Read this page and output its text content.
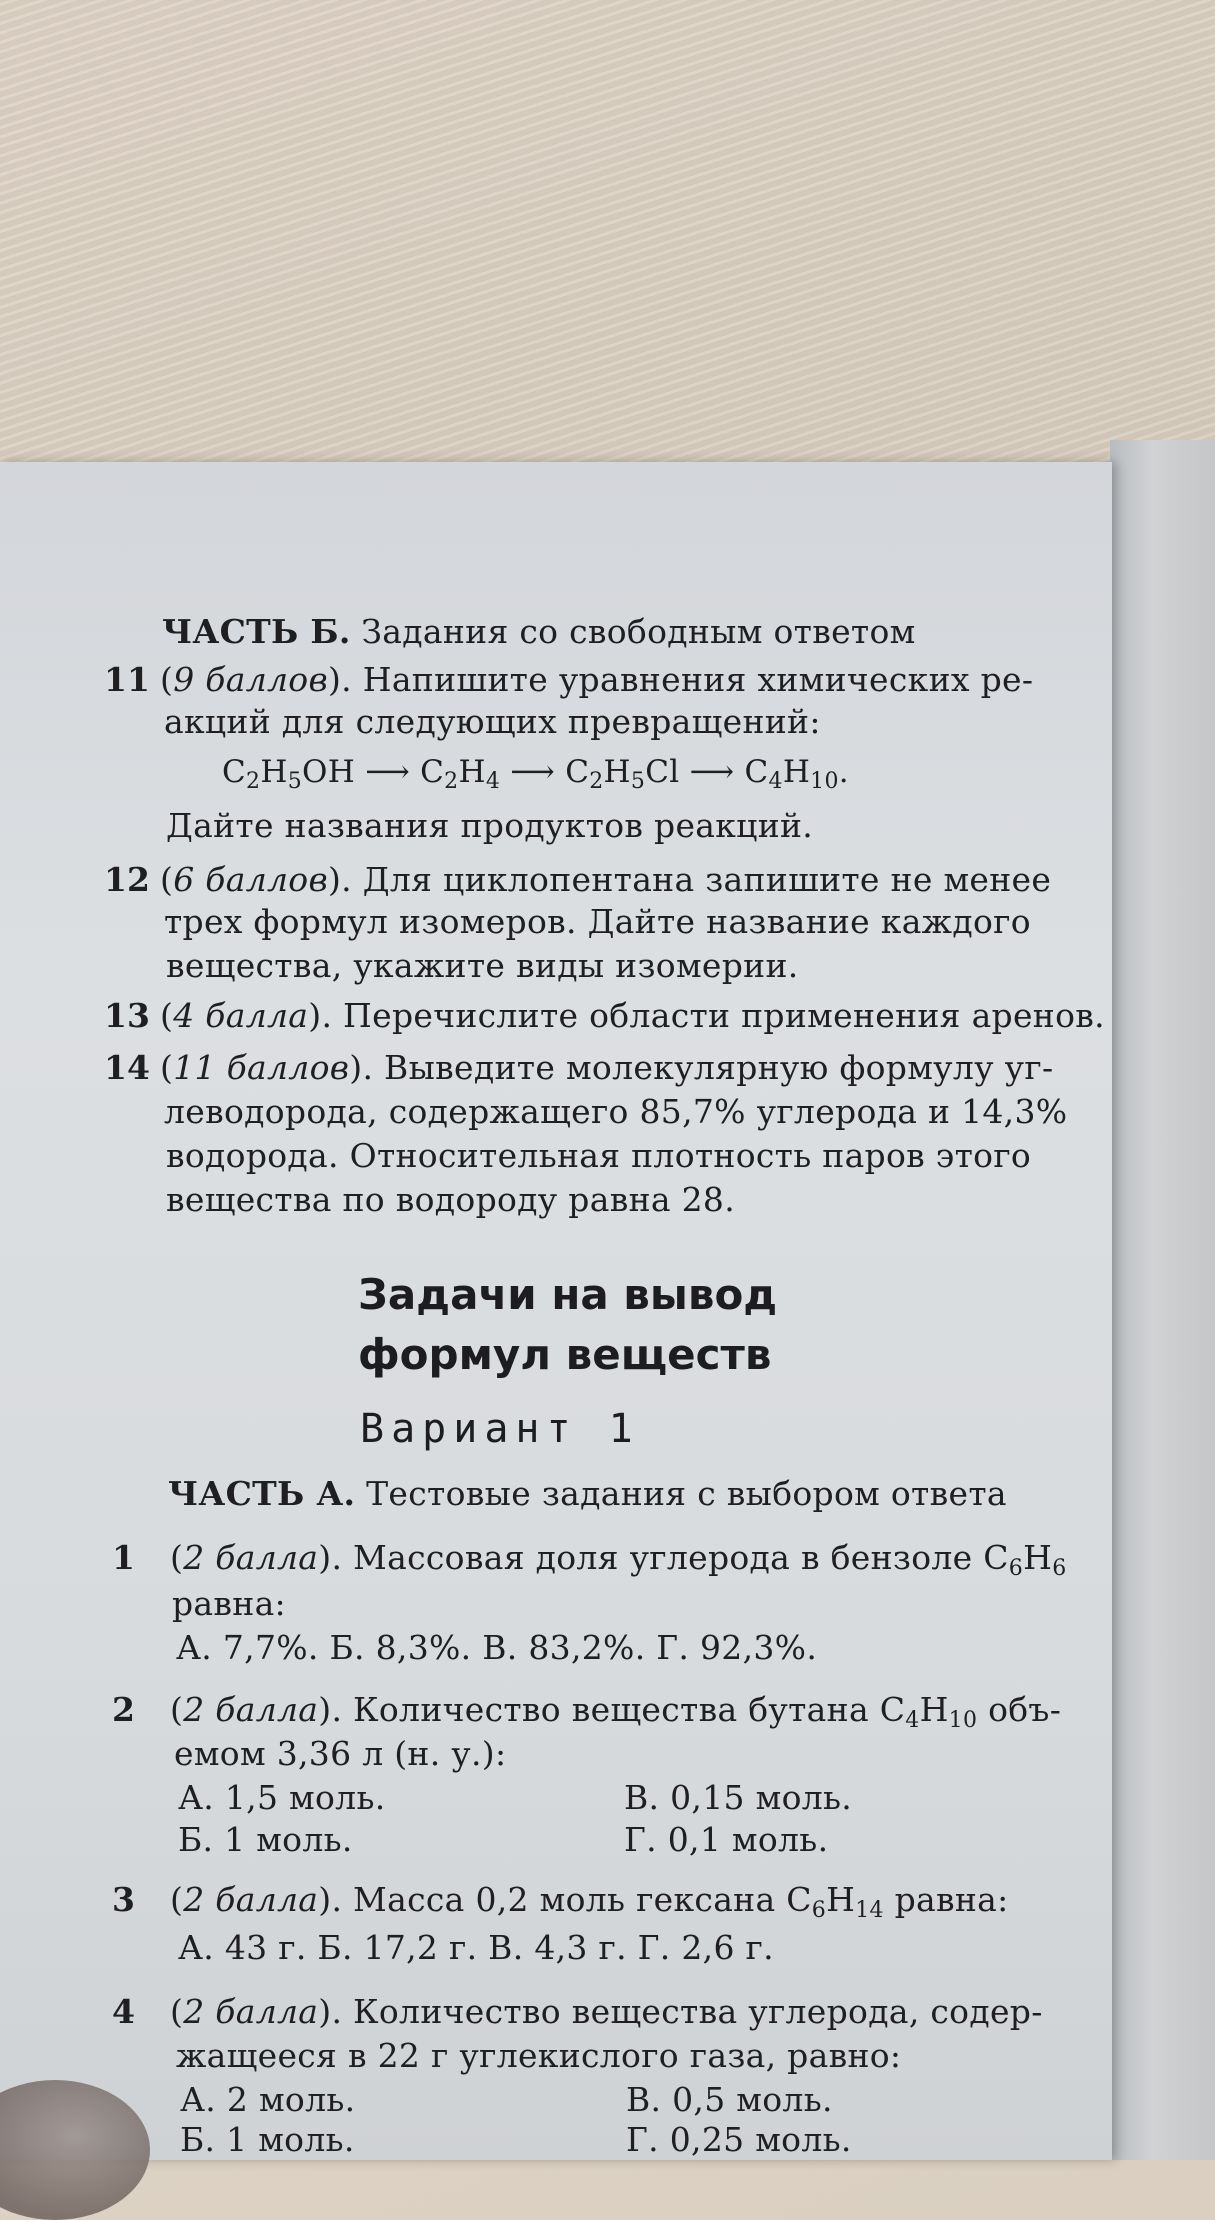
ЧАСТЬ Б. Задания со свободным ответом
11 (9 баллов). Напишите уравнения химических ре-
акций для следующих превращений:
$C_2H_5OH$ ⟶ $C_2H_4$ ⟶ $C_2H_5Cl$ ⟶ $C_4H_{10}$.
Дайте названия продуктов реакций.
12 (6 баллов). Для циклопентана запишите не менее
трех формул изомеров. Дайте название каждого
вещества, укажите виды изомерии.
13 (4 балла). Перечислите области применения аренов.
14 (11 баллов). Выведите молекулярную формулу уг-
леводорода, содержащего 85,7% углерода и 14,3%
водорода. Относительная плотность паров этого
вещества по водороду равна 28.
Задачи на вывод
формул веществ
Вариант 1
ЧАСТЬ А. Тестовые задания с выбором ответа
1 (2 балла). Массовая доля углерода в бензоле $C_6H_6$
равна:
А. 7,7%. Б. 8,3%. В. 83,2%. Г. 92,3%.
2 (2 балла). Количество вещества бутана $C_4H_{10}$ объ-
емом 3,36 л (н. у.):
А. 1,5 моль.	В. 0,15 моль.
Б. 1 моль.	Г. 0,1 моль.
3 (2 балла). Масса 0,2 моль гексана $C_6H_{14}$ равна:
А. 43 г. Б. 17,2 г. В. 4,3 г. Г. 2,6 г.
4 (2 балла). Количество вещества углерода, содер-
жащееся в 22 г углекислого газа, равно:
А. 2 моль.	В. 0,5 моль.
Б. 1 моль.	Г. 0,25 моль.
